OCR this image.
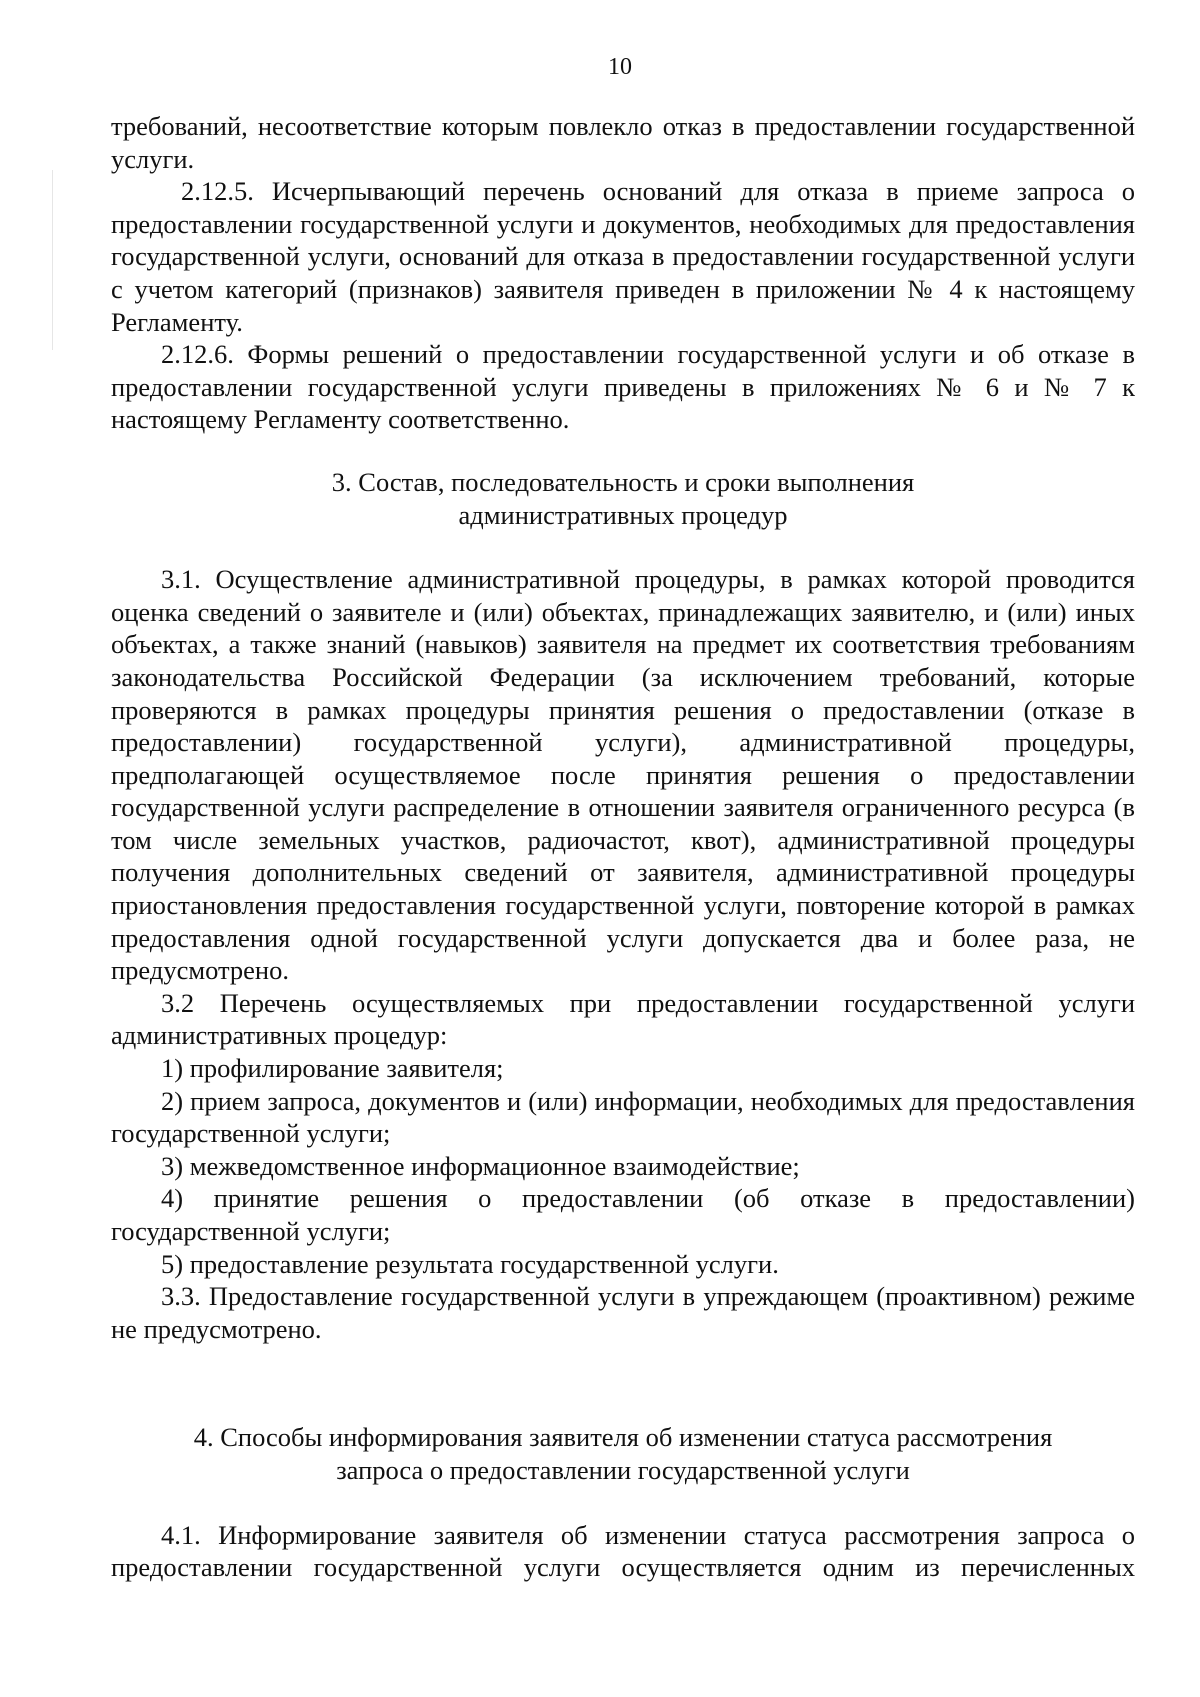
10

требований, несоответствие которым повлекло отказ в предоставлении государственной услуги.

2.12.5. Исчерпывающий перечень оснований для отказа в приеме запроса о предоставлении государственной услуги и документов, необходимых для предоставления государственной услуги, оснований для отказа в предоставлении государственной услуги с учетом категорий (признаков) заявителя приведен в приложении № 4 к настоящему Регламенту.

2.12.6. Формы решений о предоставлении государственной услуги и об отказе в предоставлении государственной услуги приведены в приложениях № 6 и № 7 к настоящему Регламенту соответственно.

3. Состав, последовательность и сроки выполнения

административных процедур

3.1. Осуществление административной процедуры, в рамках которой проводится оценка сведений о заявителе и (или) объектах, принадлежащих заявителю, и (или) иных объектах, а также знаний (навыков) заявителя на предмет их соответствия требованиям законодательства Российской Федерации (за исключением требований, которые проверяются в рамках процедуры принятия решения о предоставлении (отказе в предоставлении) государственной услуги), административной процедуры, предполагающей осуществляемое после принятия решения о предоставлении государственной услуги распределение в отношении заявителя ограниченного ресурса (в том числе земельных участков, радиочастот, квот), административной процедуры получения дополнительных сведений от заявителя, административной процедуры приостановления предоставления государственной услуги, повторение которой в рамках предоставления одной государственной услуги допускается два и более раза, не предусмотрено.

3.2 Перечень осуществляемых при предоставлении государственной услуги административных процедур:

1) профилирование заявителя;

2) прием запроса, документов и (или) информации, необходимых для предоставления государственной услуги;

3) межведомственное информационное взаимодействие;

4) принятие решения о предоставлении (об отказе в предоставлении) государственной услуги;

5) предоставление результата государственной услуги.

3.3. Предоставление государственной услуги в упреждающем (проактивном) режиме не предусмотрено.

4. Способы информирования заявителя об изменении статуса рассмотрения

запроса о предоставлении государственной услуги

4.1. Информирование заявителя об изменении статуса рассмотрения запроса о предоставлении государственной услуги осуществляется одним из перечисленных
